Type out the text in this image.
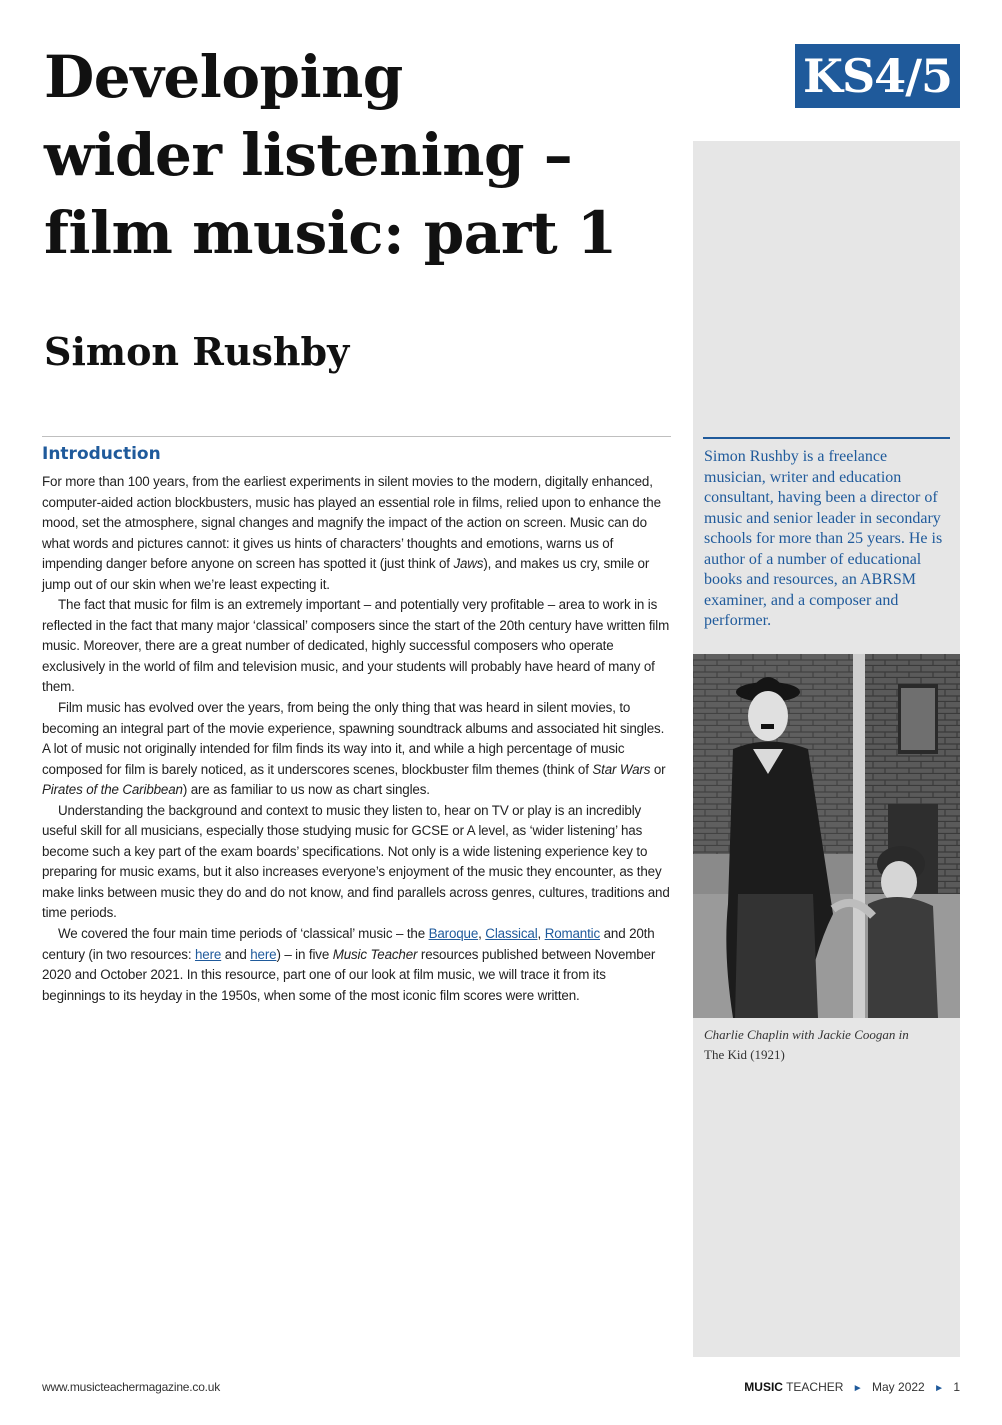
Developing
wider listening –
film music: part 1
Simon Rushby
KS4/5

Simon Rushby is a freelance musician, writer and education consultant, having been a director of music and senior leader in secondary schools for more than 25 years. He is author of a number of educational books and resources, an ABRSM examiner, and a composer and performer.

Charlie Chaplin with Jackie Coogan in
The Kid (1921)

Introduction

For more than 100 years, from the earliest experiments in silent movies to the modern, digitally enhanced, computer-aided action blockbusters, music has played an essential role in films, relied upon to enhance the mood, set the atmosphere, signal changes and magnify the impact of the action on screen. Music can do what words and pictures cannot: it gives us hints of characters’ thoughts and emotions, warns us of impending danger before anyone on screen has spotted it (just think of Jaws), and makes us cry, smile or jump out of our skin when we’re least expecting it.

The fact that music for film is an extremely important – and potentially very profitable – area to work in is reflected in the fact that many major ‘classical’ composers since the start of the 20th century have written film music. Moreover, there are a great number of dedicated, highly successful composers who operate exclusively in the world of film and television music, and your students will probably have heard of many of them.

Film music has evolved over the years, from being the only thing that was heard in silent movies, to becoming an integral part of the movie experience, spawning soundtrack albums and associated hit singles. A lot of music not originally intended for film finds its way into it, and while a high percentage of music composed for film is barely noticed, as it underscores scenes, blockbuster film themes (think of Star Wars or Pirates of the Caribbean) are as familiar to us now as chart singles.

Understanding the background and context to music they listen to, hear on TV or play is an incredibly useful skill for all musicians, especially those studying music for GCSE or A level, as ‘wider listening’ has become such a key part of the exam boards’ specifications. Not only is a wide listening experience key to preparing for music exams, but it also increases everyone’s enjoyment of the music they encounter, as they make links between music they do and do not know, and find parallels across genres, cultures, traditions and time periods.

We covered the four main time periods of ‘classical’ music – the Baroque, Classical, Romantic and 20th century (in two resources: here and here) – in five Music Teacher resources published between November 2020 and October 2021. In this resource, part one of our look at film music, we will trace it from its beginnings to its heyday in the 1950s, when some of the most iconic film scores were written.

www.musicteachermagazine.co.uk	MUSIC TEACHER ► May 2022 ► 1
